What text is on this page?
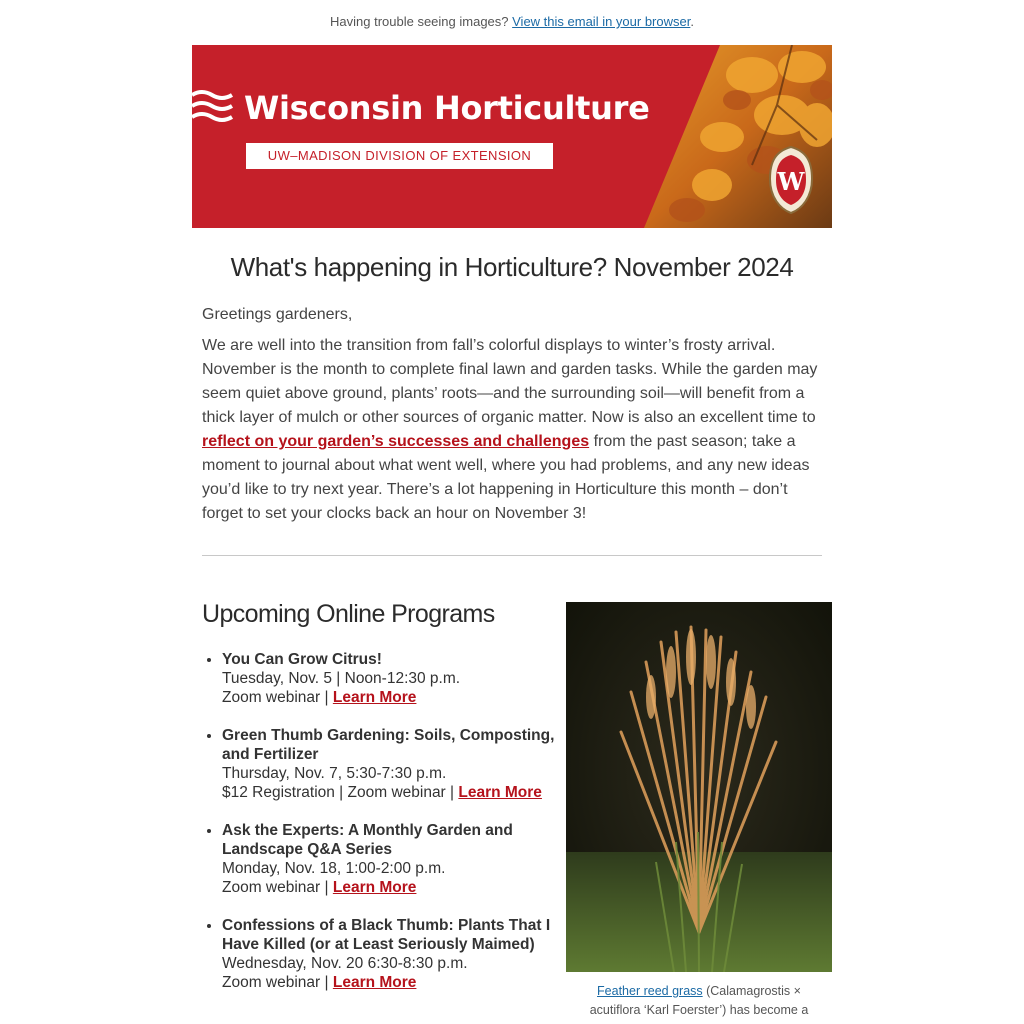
Having trouble seeing images? View this email in your browser.
Wisconsin Horticulture
UW–MADISON DIVISION OF EXTENSION
W
What's happening in Horticulture? November 2024
Greetings gardeners,

We are well into the transition from fall’s colorful displays to winter’s frosty arrival. November is the month to complete final lawn and garden tasks. While the garden may seem quiet above ground, plants’ roots—and the surrounding soil—will benefit from a thick layer of mulch or other sources of organic matter. Now is also an excellent time to reflect on your garden’s successes and challenges from the past season; take a moment to journal about what went well, where you had problems, and any new ideas you’d like to try next year. There’s a lot happening in Horticulture this month – don’t forget to set your clocks back an hour on November 3!

Upcoming Online Programs
• You Can Grow Citrus!
Tuesday, Nov. 5 | Noon-12:30 p.m.
Zoom webinar | Learn More
• Green Thumb Gardening: Soils, Composting, and Fertilizer
Thursday, Nov. 7, 5:30-7:30 p.m.
$12 Registration | Zoom webinar | Learn More
• Ask the Experts: A Monthly Garden and Landscape Q&A Series
Monday, Nov. 18, 1:00-2:00 p.m.
Zoom webinar | Learn More
• Confessions of a Black Thumb: Plants That I Have Killed (or at Least Seriously Maimed)
Wednesday, Nov. 20 6:30-8:30 p.m.
Zoom webinar | Learn More	Feather reed grass (Calamagrostis × acutiflora ‘Karl Foerster’) has become a
